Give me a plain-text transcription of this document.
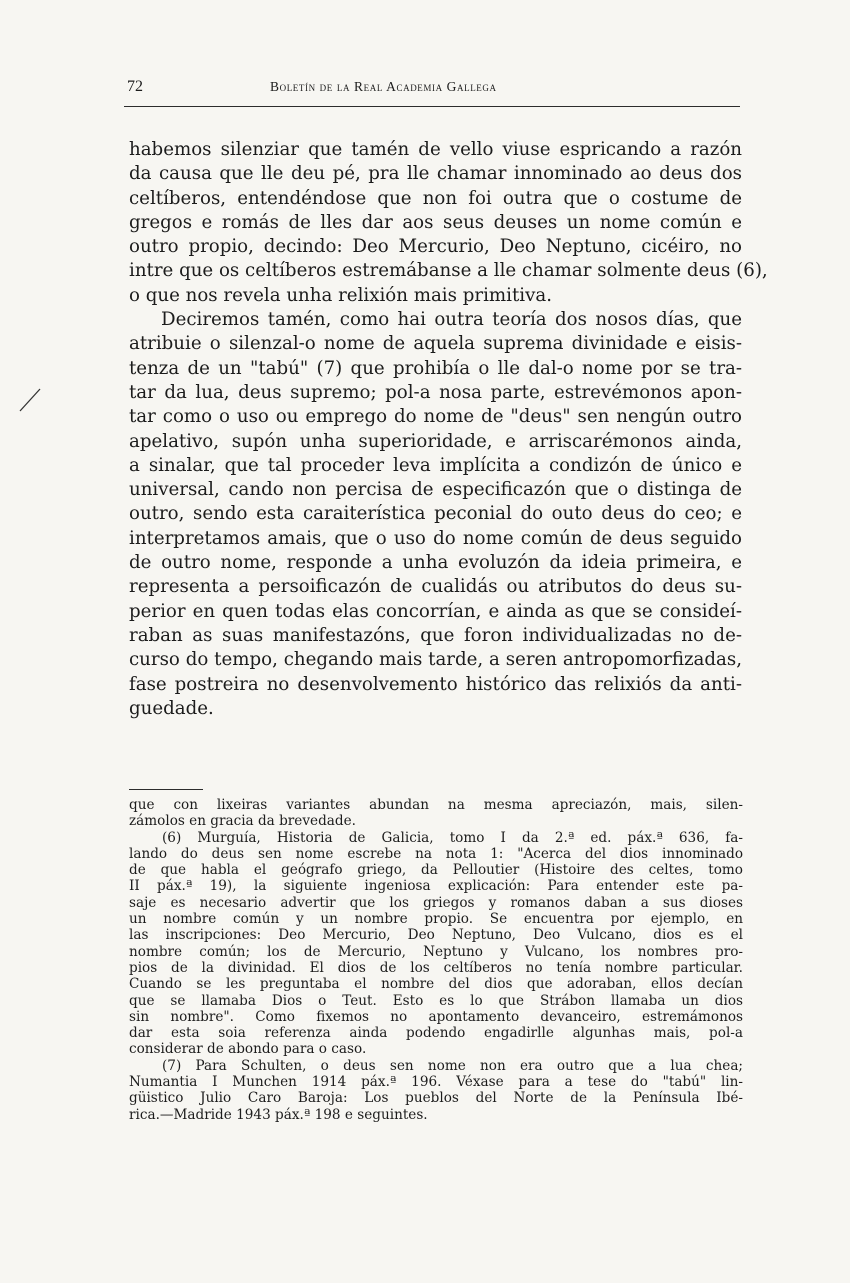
72	Boletín de la Real Academia Gallega
habemos silenziar que tamén de vello viuse espricando a razón
da causa que lle deu pé, pra lle chamar innominado ao deus dos
celtíberos, entendéndose que non foi outra que o costume de
gregos e romás de lles dar aos seus deuses un nome común e
outro propio, decindo: Deo Mercurio, Deo Neptuno, cicéiro, no
intre que os celtíberos estremábanse a lle chamar solmente deus (6),
o que nos revela unha relixión mais primitiva.
Deciremos tamén, como hai outra teoría dos nosos días, que
atribuie o silenzal-o nome de aquela suprema divinidade e eisis-
tenza de un "tabú" (7) que prohibía o lle dal-o nome por se tra-
tar da lua, deus supremo; pol-a nosa parte, estrevémonos apon-
tar como o uso ou emprego do nome de "deus" sen nengún outro
apelativo, supón unha superioridade, e arriscarémonos ainda,
a sinalar, que tal proceder leva implícita a condizón de único e
universal, cando non percisa de especificazón que o distinga de
outro, sendo esta caraiterística peconial do outo deus do ceo; e
interpretamos amais, que o uso do nome común de deus seguido
de outro nome, responde a unha evoluzón da ideia primeira, e
representa a persoificazón de cualidás ou atributos do deus su-
perior en quen todas elas concorrían, e ainda as que se consideí-
raban as suas manifestazóns, que foron individualizadas no de-
curso do tempo, chegando mais tarde, a seren antropomorfizadas,
fase postreira no desenvolvemento histórico das relixiós da anti-
guedade.
que con lixeiras variantes abundan na mesma apreciazón, mais, silen-
zámolos en gracia da brevedade.
(6) Murguía, Historia de Galicia, tomo I da 2.ª ed. páx.ª 636, fa-
lando do deus sen nome escrebe na nota 1: "Acerca del dios innominado
de que habla el geógrafo griego, da Pelloutier (Histoire des celtes, tomo
II páx.ª 19), la siguiente ingeniosa explicación: Para entender este pa-
saje es necesario advertir que los griegos y romanos daban a sus dioses
un nombre común y un nombre propio. Se encuentra por ejemplo, en
las inscripciones: Deo Mercurio, Deo Neptuno, Deo Vulcano, dios es el
nombre común; los de Mercurio, Neptuno y Vulcano, los nombres pro-
pios de la divinidad. El dios de los celtíberos no tenía nombre particular.
Cuando se les preguntaba el nombre del dios que adoraban, ellos decían
que se llamaba Dios o Teut. Esto es lo que Strábon llamaba un dios
sin nombre". Como fixemos no apontamento devanceiro, estremámonos
dar esta soia referenza ainda podendo engadirlle algunhas mais, pol-a
considerar de abondo para o caso.
(7) Para Schulten, o deus sen nome non era outro que a lua chea;
Numantia I Munchen 1914 páx.ª 196. Véxase para a tese do "tabú" lin-
güistico Julio Caro Baroja: Los pueblos del Norte de la Península Ibé-
rica.—Madride 1943 páx.ª 198 e seguintes.
